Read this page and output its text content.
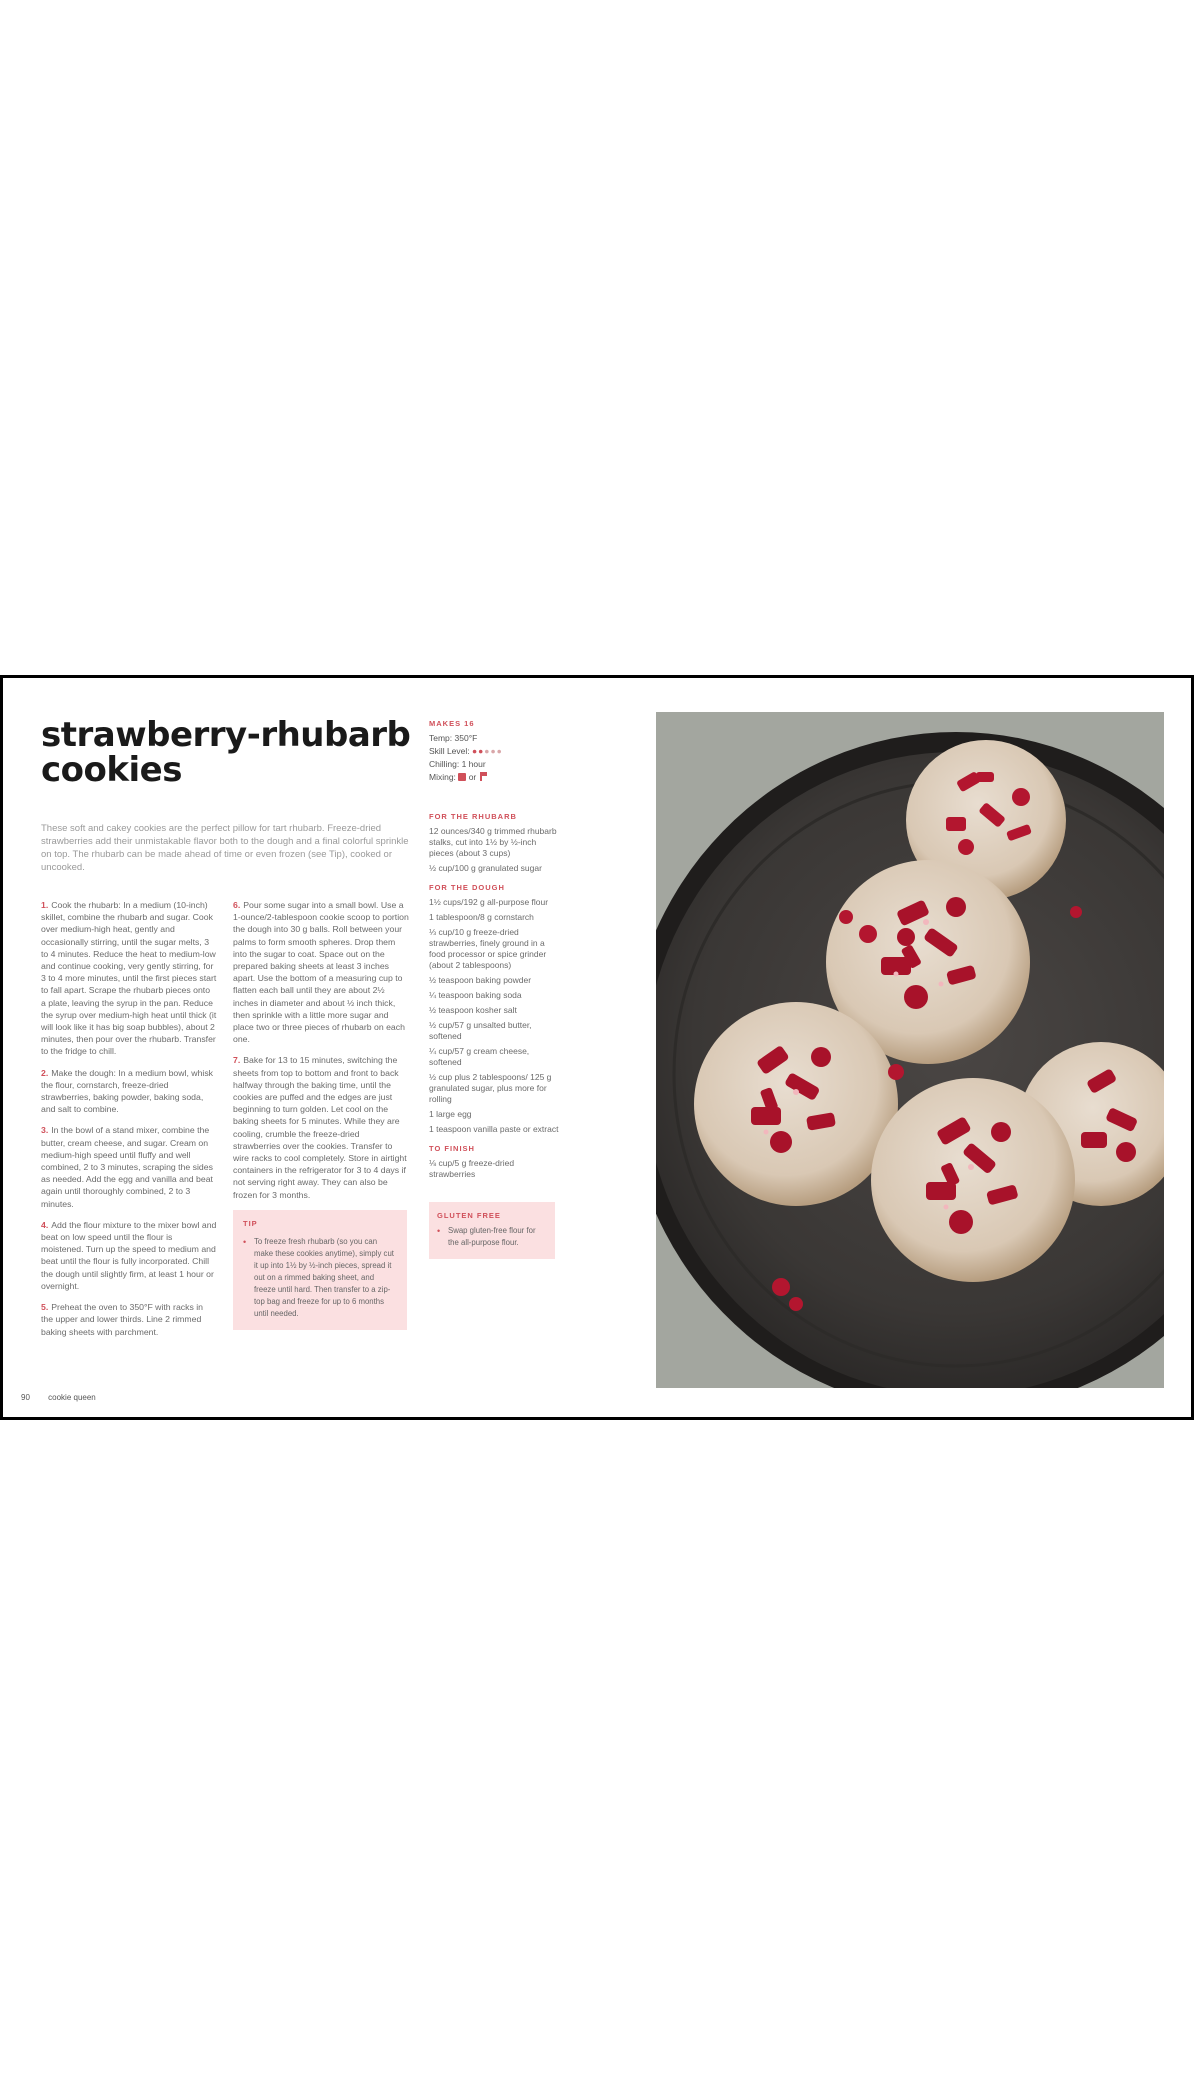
strawberry-rhubarb cookies

These soft and cakey cookies are the perfect pillow for tart rhubarb. Freeze-dried strawberries add their unmistakable flavor both to the dough and a final colorful sprinkle on top. The rhubarb can be made ahead of time or even frozen (see Tip), cooked or uncooked.

1. Cook the rhubarb: In a medium (10-inch) skillet, combine the rhubarb and sugar. Cook over medium-high heat, gently and occasionally stirring, until the sugar melts, 3 to 4 minutes. Reduce the heat to medium-low and continue cooking, very gently stirring, for 3 to 4 more minutes, until the first pieces start to fall apart. Scrape the rhubarb pieces onto a plate, leaving the syrup in the pan. Reduce the syrup over medium-high heat until thick (it will look like it has big soap bubbles), about 2 minutes, then pour over the rhubarb. Transfer to the fridge to chill.

2. Make the dough: In a medium bowl, whisk the flour, cornstarch, freeze-dried strawberries, baking powder, baking soda, and salt to combine.

3. In the bowl of a stand mixer, combine the butter, cream cheese, and sugar. Cream on medium-high speed until fluffy and well combined, 2 to 3 minutes, scraping the sides as needed. Add the egg and vanilla and beat again until thoroughly combined, 2 to 3 minutes.

4. Add the flour mixture to the mixer bowl and beat on low speed until the flour is moistened. Turn up the speed to medium and beat until the flour is fully incorporated. Chill the dough until slightly firm, at least 1 hour or overnight.

5. Preheat the oven to 350°F with racks in the upper and lower thirds. Line 2 rimmed baking sheets with parchment.

6. Pour some sugar into a small bowl. Use a 1-ounce/2-tablespoon cookie scoop to portion the dough into 30 g balls. Roll between your palms to form smooth spheres. Drop them into the sugar to coat. Space out on the prepared baking sheets at least 3 inches apart. Use the bottom of a measuring cup to flatten each ball until they are about 2½ inches in diameter and about ½ inch thick, then sprinkle with a little more sugar and place two or three pieces of rhubarb on each one.

7. Bake for 13 to 15 minutes, switching the sheets from top to bottom and front to back halfway through the baking time, until the cookies are puffed and the edges are just beginning to turn golden. Let cool on the baking sheets for 5 minutes. While they are cooling, crumble the freeze-dried strawberries over the cookies. Transfer to wire racks to cool completely. Store in airtight containers in the refrigerator for 3 to 4 days if not serving right away. They can also be frozen for 3 months.

TIP

• To freeze fresh rhubarb (so you can make these cookies anytime), simply cut it up into 1½ by ½-inch pieces, spread it out on a rimmed baking sheet, and freeze until hard. Then transfer to a zip-top bag and freeze for up to 6 months until needed.

MAKES 16

Temp: 350°F

Skill Level: ●●●●●

Chilling: 1 hour

Mixing: or

FOR THE RHUBARB

12 ounces/340 g trimmed rhubarb stalks, cut into 1½ by ½-inch pieces (about 3 cups)
½ cup/100 g granulated sugar

FOR THE DOUGH

1½ cups/192 g all-purpose flour
1 tablespoon/8 g cornstarch
⅓ cup/10 g freeze-dried strawberries, finely ground in a food processor or spice grinder (about 2 tablespoons)
½ teaspoon baking powder
¼ teaspoon baking soda
½ teaspoon kosher salt
½ cup/57 g unsalted butter, softened
¼ cup/57 g cream cheese, softened
½ cup plus 2 tablespoons/ 125 g granulated sugar, plus more for rolling
1 large egg
1 teaspoon vanilla paste or extract

TO FINISH

⅛ cup/5 g freeze-dried strawberries

GLUTEN FREE

• Swap gluten-free flour for the all-purpose flour.

90 cookie queen
